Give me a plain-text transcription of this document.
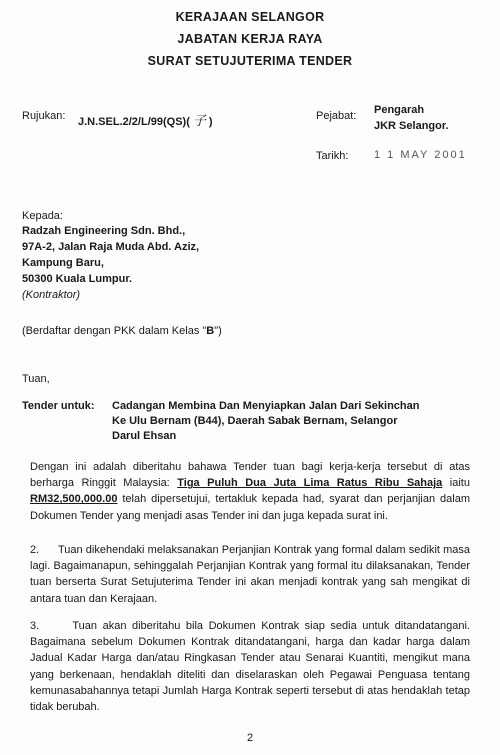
KERAJAAN SELANGOR
JABATAN KERJA RAYA
SURAT SETUJUTERIMA TENDER
Rujukan: J.N.SEL.2/2/L/99(QS)( 子 )	Pejabat: Pengarah
JKR Selangor.
Tarikh: 1 1 MAY 2001
Kepada:
Radzah Engineering Sdn. Bhd.,
97A-2, Jalan Raja Muda Abd. Aziz,
Kampung Baru,
50300 Kuala Lumpur.
(Kontraktor)
(Berdaftar dengan PKK dalam Kelas "B")
Tuan,
Tender untuk: Cadangan Membina Dan Menyiapkan Jalan Dari Sekinchan
Ke Ulu Bernam (B44), Daerah Sabak Bernam, Selangor
Darul Ehsan

Dengan ini adalah diberitahu bahawa Tender tuan bagi kerja-kerja tersebut di atas berharga Ringgit Malaysia: Tiga Puluh Dua Juta Lima Ratus Ribu Sahaja iaitu RM32,500,000.00 telah dipersetujui, tertakluk kepada had, syarat dan perjanjian dalam Dokumen Tender yang menjadi asas Tender ini dan juga kepada surat ini.

2.      Tuan dikehendaki melaksanakan Perjanjian Kontrak yang formal dalam sedikit masa lagi. Bagaimanapun, sehinggalah Perjanjian Kontrak yang formal itu dilaksanakan, Tender tuan berserta Surat Setujuterima Tender ini akan menjadi kontrak yang sah mengikat di antara tuan dan Kerajaan.

3.      Tuan akan diberitahu bila Dokumen Kontrak siap sedia untuk ditandatangani. Bagaimana sebelum Dokumen Kontrak ditandatangani, harga dan kadar harga dalam Jadual Kadar Harga dan/atau Ringkasan Tender atau Senarai Kuantiti, mengikut mana yang berkenaan, hendaklah diteliti dan diselaraskan oleh Pegawai Penguasa tentang kemunasabahannya tetapi Jumlah Harga Kontrak seperti tersebut di atas hendaklah tetap tidak berubah.

2
